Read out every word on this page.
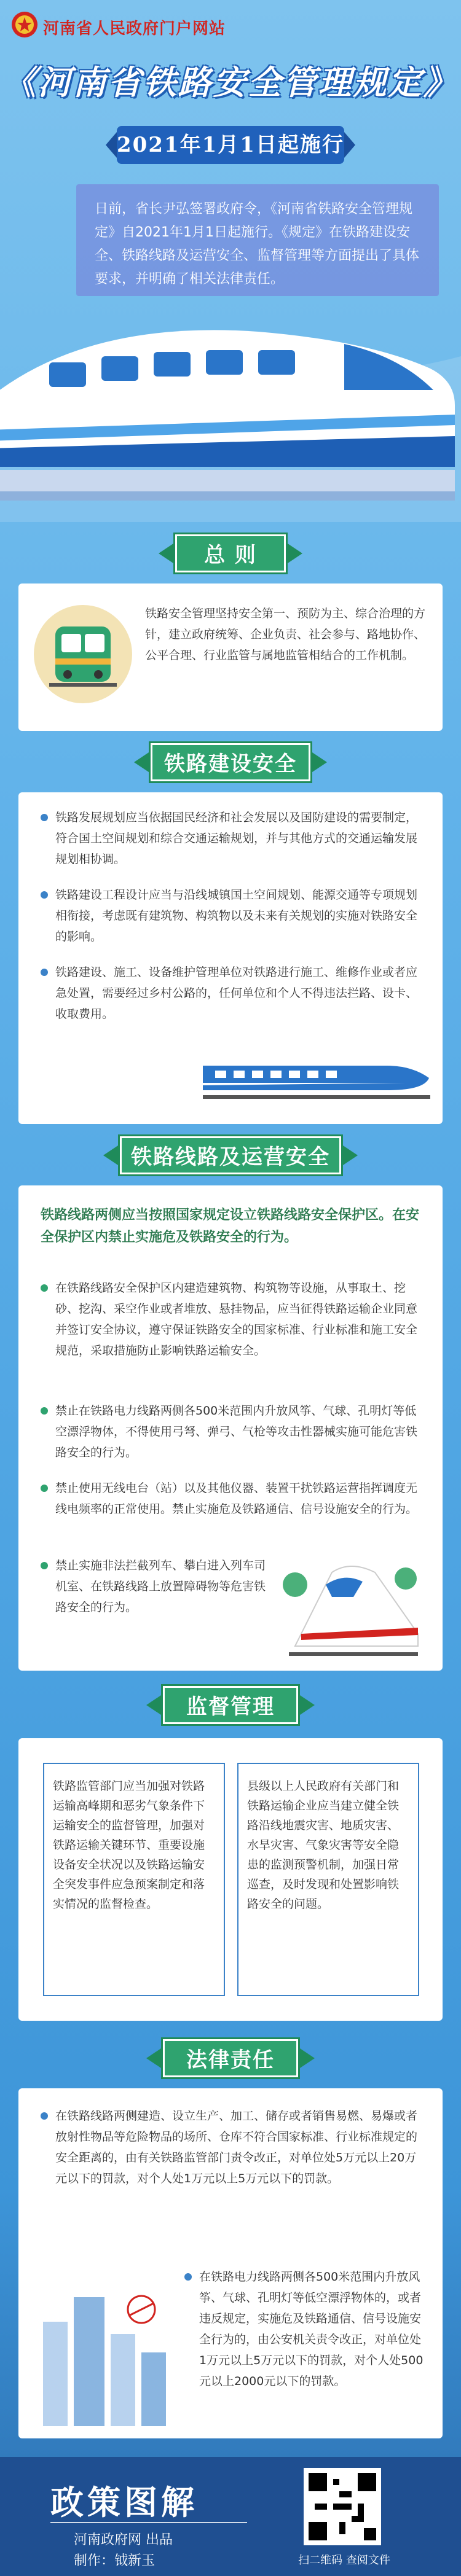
河南省人民政府门户网站
《河南省铁路安全管理规定》
2021年1月1日起施行
日前，省长尹弘签署政府令，《河南省铁路安全管理规定》自2021年1月1日起施行。《规定》在铁路建设安全、铁路线路及运营安全、监督管理等方面提出了具体要求，并明确了相关法律责任。
总 则
铁路安全管理坚持安全第一、预防为主、综合治理的方针，建立政府统筹、企业负责、社会参与、路地协作、公平合理、行业监管与属地监管相结合的工作机制。
铁路建设安全
铁路发展规划应当依据国民经济和社会发展以及国防建设的需要制定，符合国土空间规划和综合交通运输规划，并与其他方式的交通运输发展规划相协调。
铁路建设工程设计应当与沿线城镇国土空间规划、能源交通等专项规划相衔接，考虑既有建筑物、构筑物以及未来有关规划的实施对铁路安全的影响。
铁路建设、施工、设备维护管理单位对铁路进行施工、维修作业或者应急处置，需要经过乡村公路的，任何单位和个人不得违法拦路、设卡、收取费用。
铁路线路及运营安全
铁路线路两侧应当按照国家规定设立铁路线路安全保护区。在安全保护区内禁止实施危及铁路安全的行为。
在铁路线路安全保护区内建造建筑物、构筑物等设施，从事取土、挖砂、挖沟、采空作业或者堆放、悬挂物品，应当征得铁路运输企业同意并签订安全协议，遵守保证铁路安全的国家标准、行业标准和施工安全规范，采取措施防止影响铁路运输安全。
禁止在铁路电力线路两侧各500米范围内升放风筝、气球、孔明灯等低空漂浮物体，不得使用弓弩、弹弓、气枪等攻击性器械实施可能危害铁路安全的行为。
禁止使用无线电台（站）以及其他仪器、装置干扰铁路运营指挥调度无线电频率的正常使用。禁止实施危及铁路通信、信号设施安全的行为。
禁止实施非法拦截列车、攀白进入列车司机室、在铁路线路上放置障碍物等危害铁路安全的行为。
监督管理
铁路监管部门应当加强对铁路运输高峰期和恶劣气象条件下运输安全的监督管理，加强对铁路运输关键环节、重要设施设备安全状况以及铁路运输安全突发事件应急预案制定和落实情况的监督检查。
县级以上人民政府有关部门和铁路运输企业应当建立健全铁路沿线地震灾害、地质灾害、水旱灾害、气象灾害等安全隐患的监测预警机制，加强日常巡查，及时发现和处置影响铁路安全的问题。
法律责任
在铁路线路两侧建造、设立生产、加工、储存或者销售易燃、易爆或者放射性物品等危险物品的场所、仓库不符合国家标准、行业标准规定的安全距离的，由有关铁路监管部门责令改正，对单位处5万元以上20万元以下的罚款，对个人处1万元以上5万元以下的罚款。
在铁路电力线路两侧各500米范围内升放风筝、气球、孔明灯等低空漂浮物体的，或者违反规定，实施危及铁路通信、信号设施安全行为的，由公安机关责令改正，对单位处1万元以上5万元以下的罚款，对个人处500元以上2000元以下的罚款。
政策图解
河南政府网 出品
制作：钺新玉	扫二维码 查阅文件
